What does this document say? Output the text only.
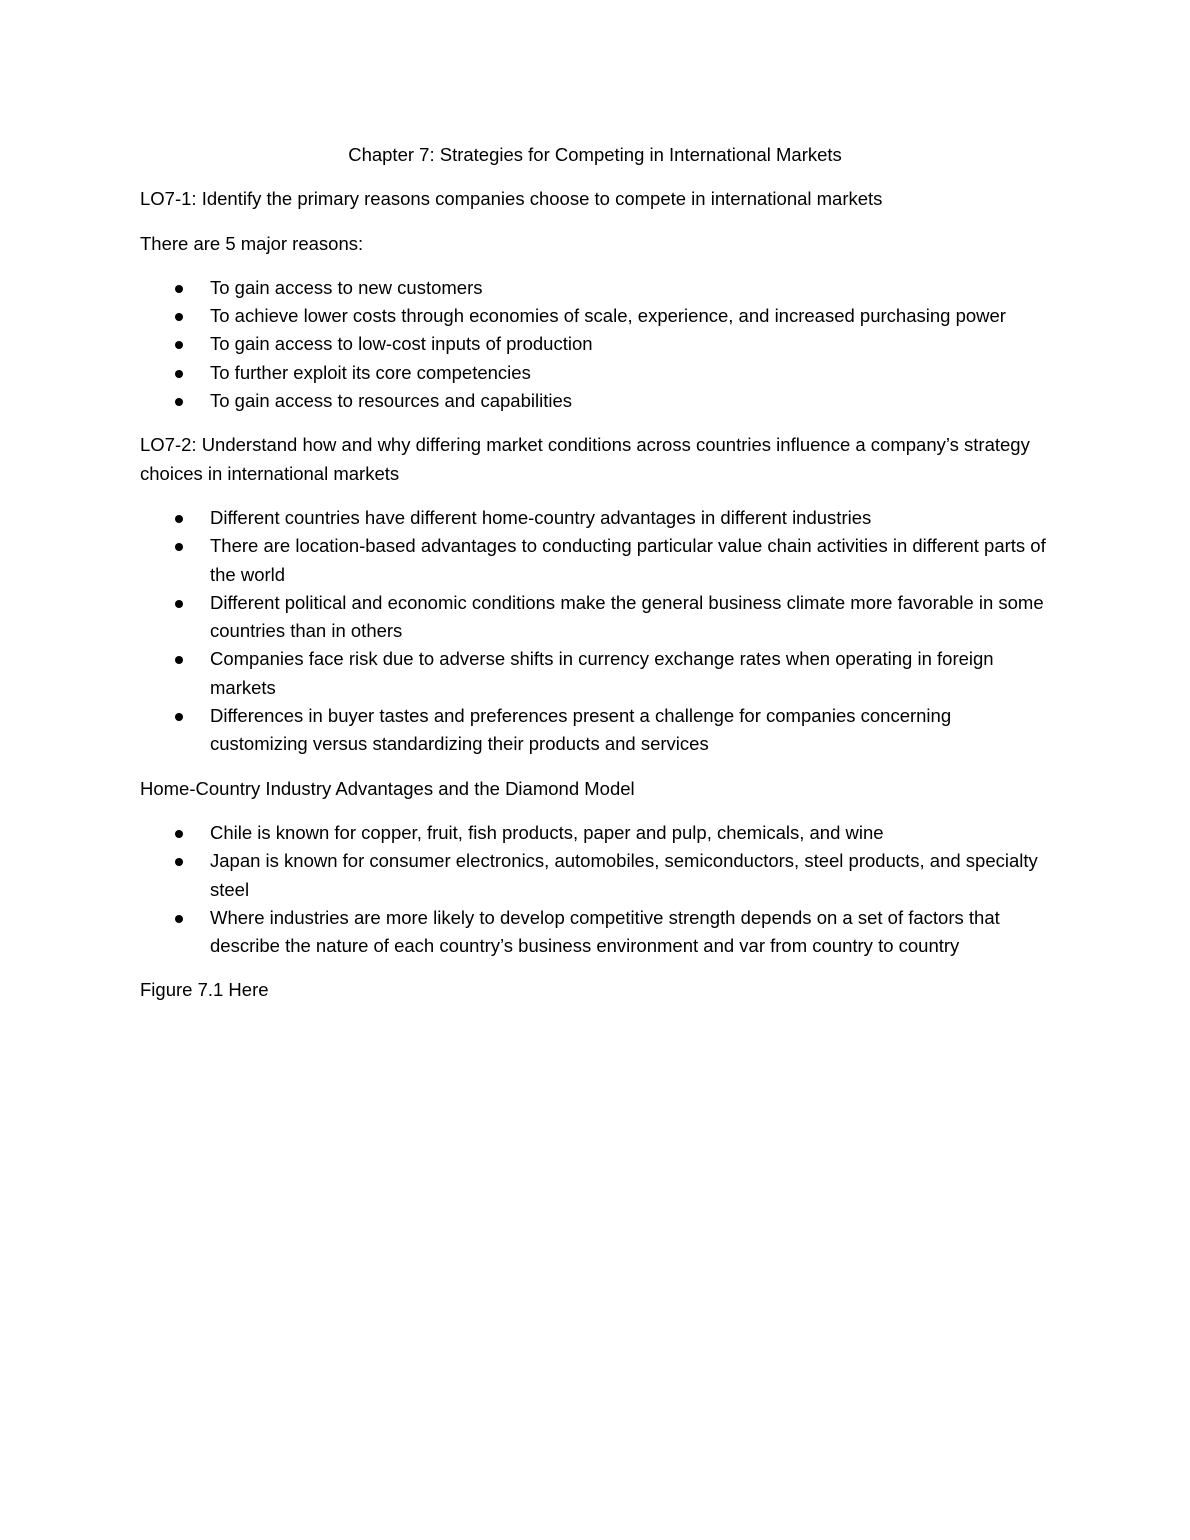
Chapter 7: Strategies for Competing in International Markets

LO7-1: Identify the primary reasons companies choose to compete in international markets

There are 5 major reasons:

To gain access to new customers
To achieve lower costs through economies of scale, experience, and increased purchasing power
To gain access to low-cost inputs of production
To further exploit its core competencies
To gain access to resources and capabilities

LO7-2: Understand how and why differing market conditions across countries influence a company’s strategy choices in international markets

Different countries have different home-country advantages in different industries
There are location-based advantages to conducting particular value chain activities in different parts of the world
Different political and economic conditions make the general business climate more favorable in some countries than in others
Companies face risk due to adverse shifts in currency exchange rates when operating in foreign markets
Differences in buyer tastes and preferences present a challenge for companies concerning customizing versus standardizing their products and services

Home-Country Industry Advantages and the Diamond Model

Chile is known for copper, fruit, fish products, paper and pulp, chemicals, and wine
Japan is known for consumer electronics, automobiles, semiconductors, steel products, and specialty steel
Where industries are more likely to develop competitive strength depends on a set of factors that describe the nature of each country’s business environment and var from country to country

Figure 7.1 Here
